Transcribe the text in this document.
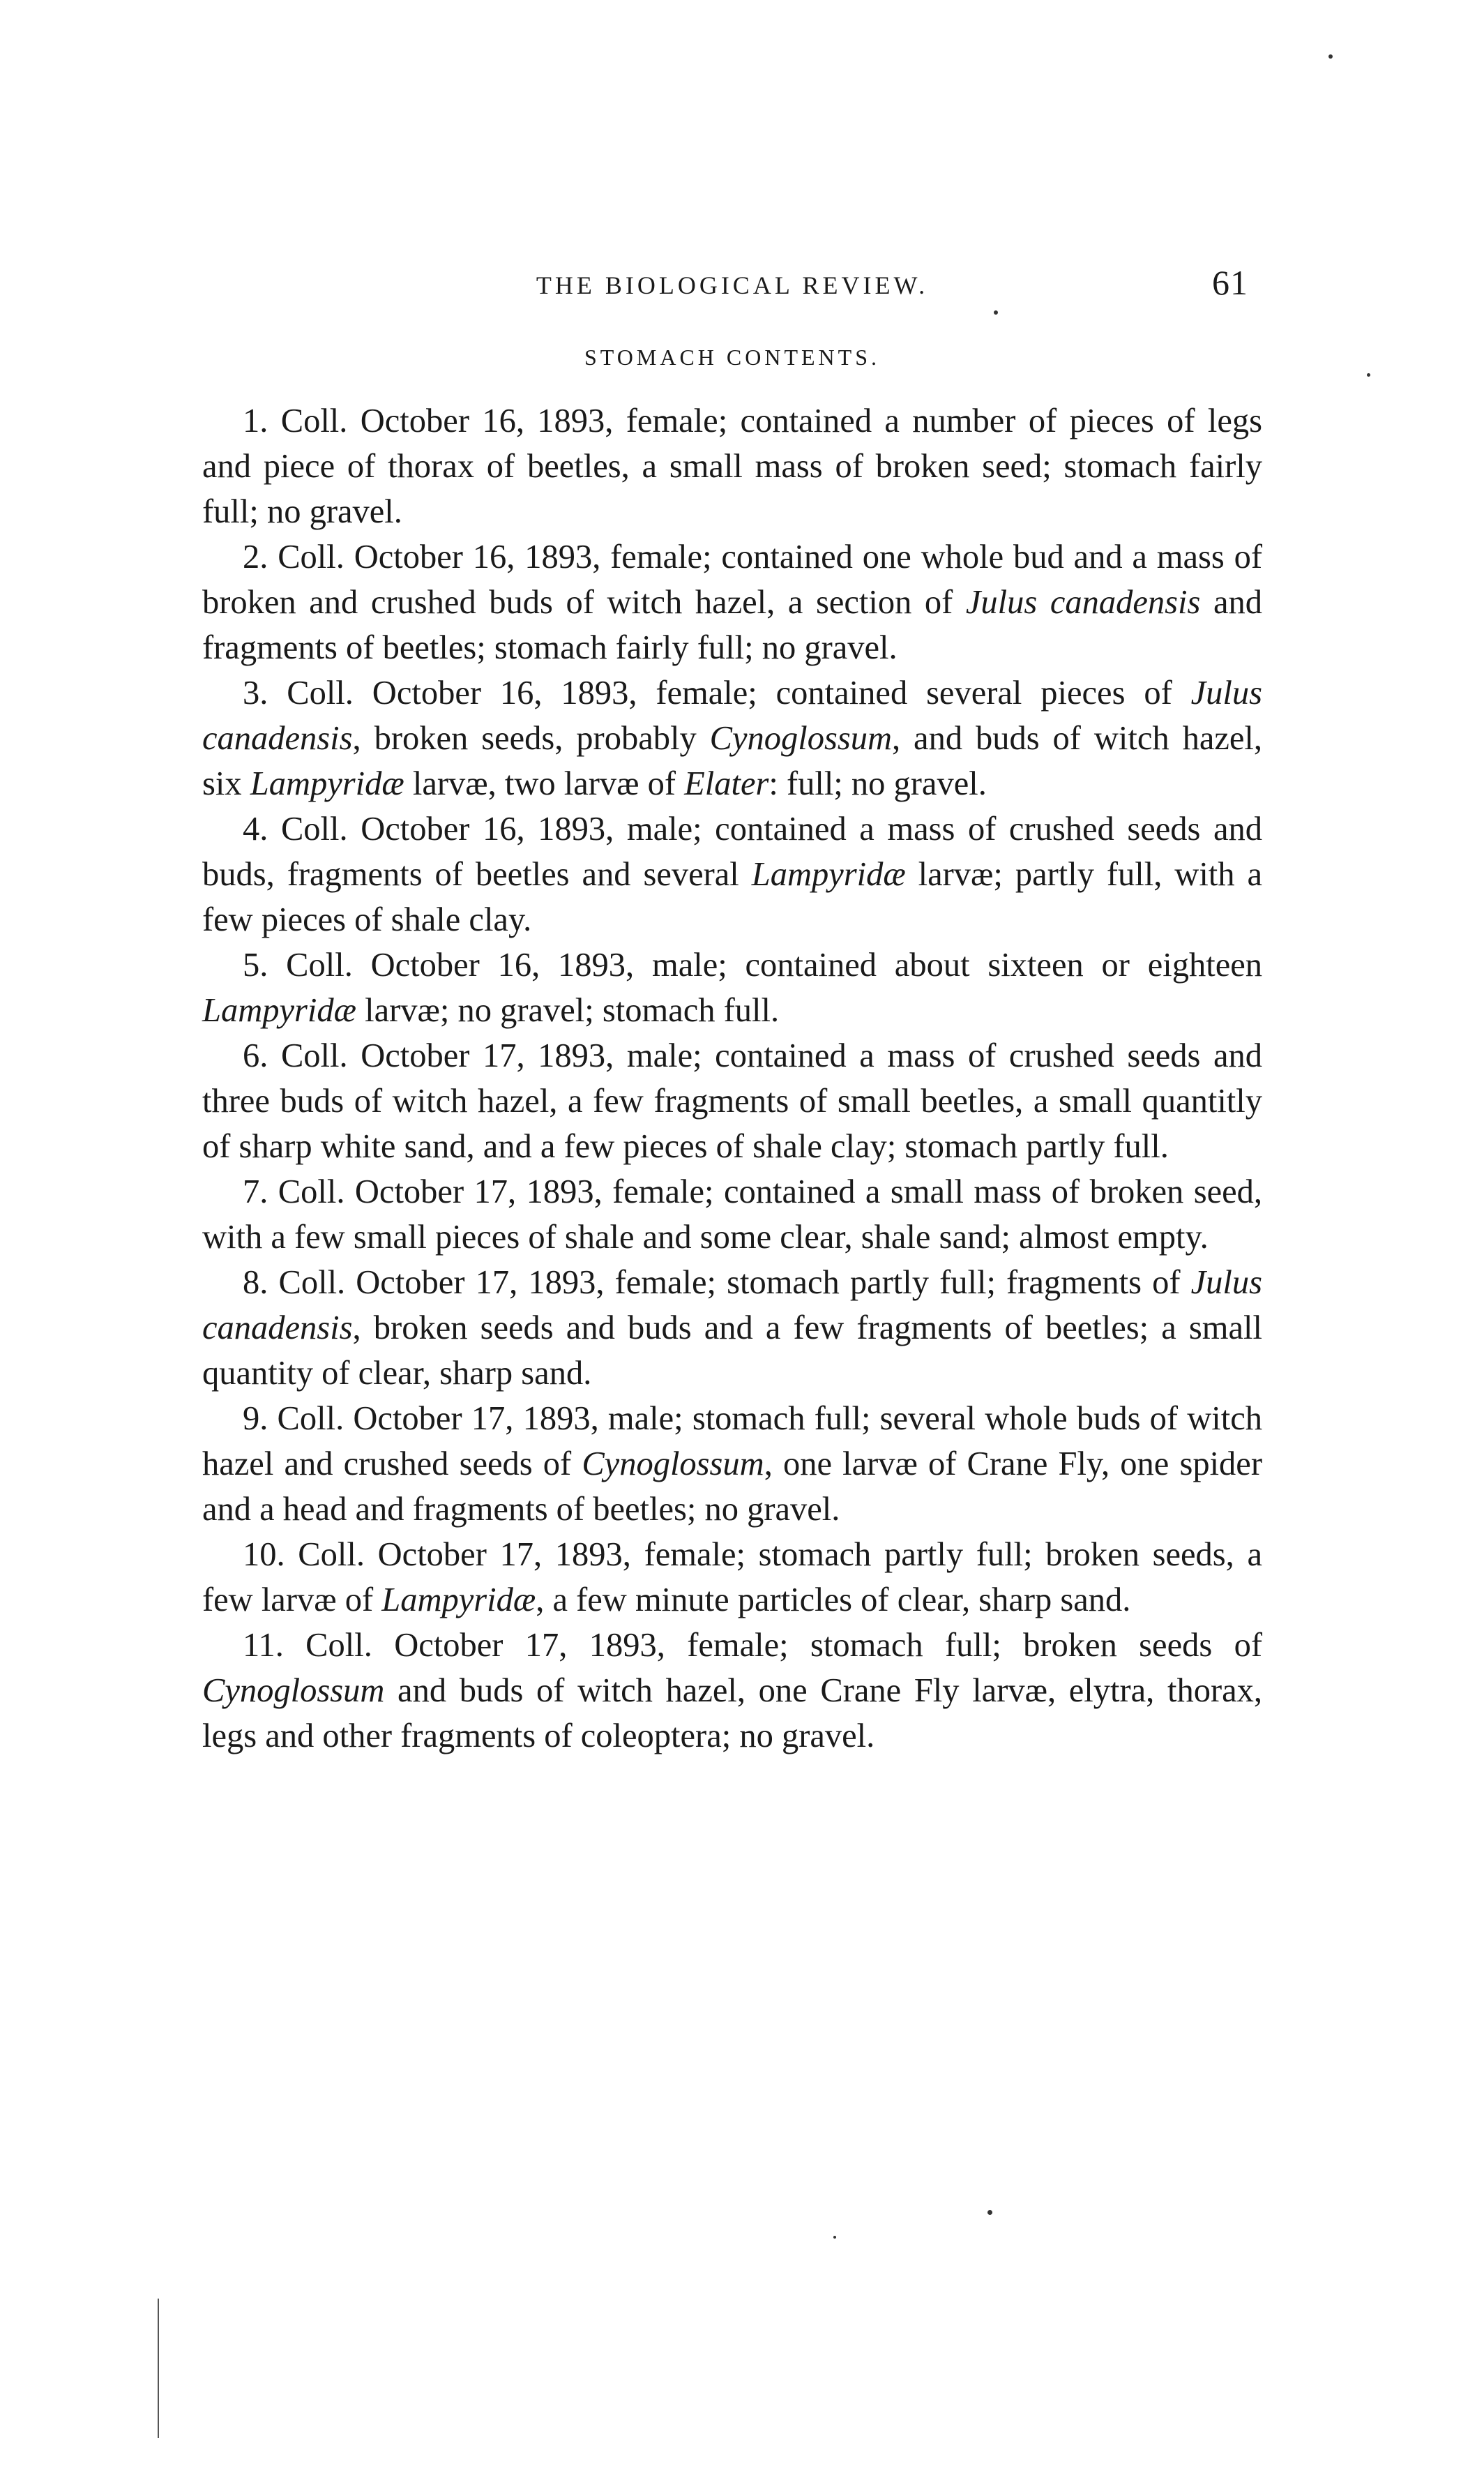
THE BIOLOGICAL REVIEW.	61
STOMACH CONTENTS.

1. Coll. October 16, 1893, female; contained a number of pieces of legs and piece of thorax of beetles, a small mass of broken seed; stomach fairly full; no gravel.

2. Coll. October 16, 1893, female; contained one whole bud and a mass of broken and crushed buds of witch hazel, a section of Julus canadensis and fragments of beetles; stomach fairly full; no gravel.

3. Coll. October 16, 1893, female; contained several pieces of Julus canadensis, broken seeds, probably Cynoglossum, and buds of witch hazel, six Lampyridæ larvæ, two larvæ of Elater: full; no gravel.

4. Coll. October 16, 1893, male; contained a mass of crushed seeds and buds, fragments of beetles and several Lampyridæ larvæ; partly full, with a few pieces of shale clay.

5. Coll. October 16, 1893, male; contained about sixteen or eighteen Lampyridæ larvæ; no gravel; stomach full.

6. Coll. October 17, 1893, male; contained a mass of crushed seeds and three buds of witch hazel, a few fragments of small beetles, a small quantitly of sharp white sand, and a few pieces of shale clay; stomach partly full.

7. Coll. October 17, 1893, female; contained a small mass of broken seed, with a few small pieces of shale and some clear, shale sand; almost empty.

8. Coll. October 17, 1893, female; stomach partly full; fragments of Julus canadensis, broken seeds and buds and a few fragments of beetles; a small quantity of clear, sharp sand.

9. Coll. October 17, 1893, male; stomach full; several whole buds of witch hazel and crushed seeds of Cynoglossum, one larvæ of Crane Fly, one spider and a head and fragments of beetles; no gravel.

10. Coll. October 17, 1893, female; stomach partly full; broken seeds, a few larvæ of Lampyridæ, a few minute particles of clear, sharp sand.

11. Coll. October 17, 1893, female; stomach full; broken seeds of Cynoglossum and buds of witch hazel, one Crane Fly larvæ, elytra, thorax, legs and other fragments of coleoptera; no gravel.
